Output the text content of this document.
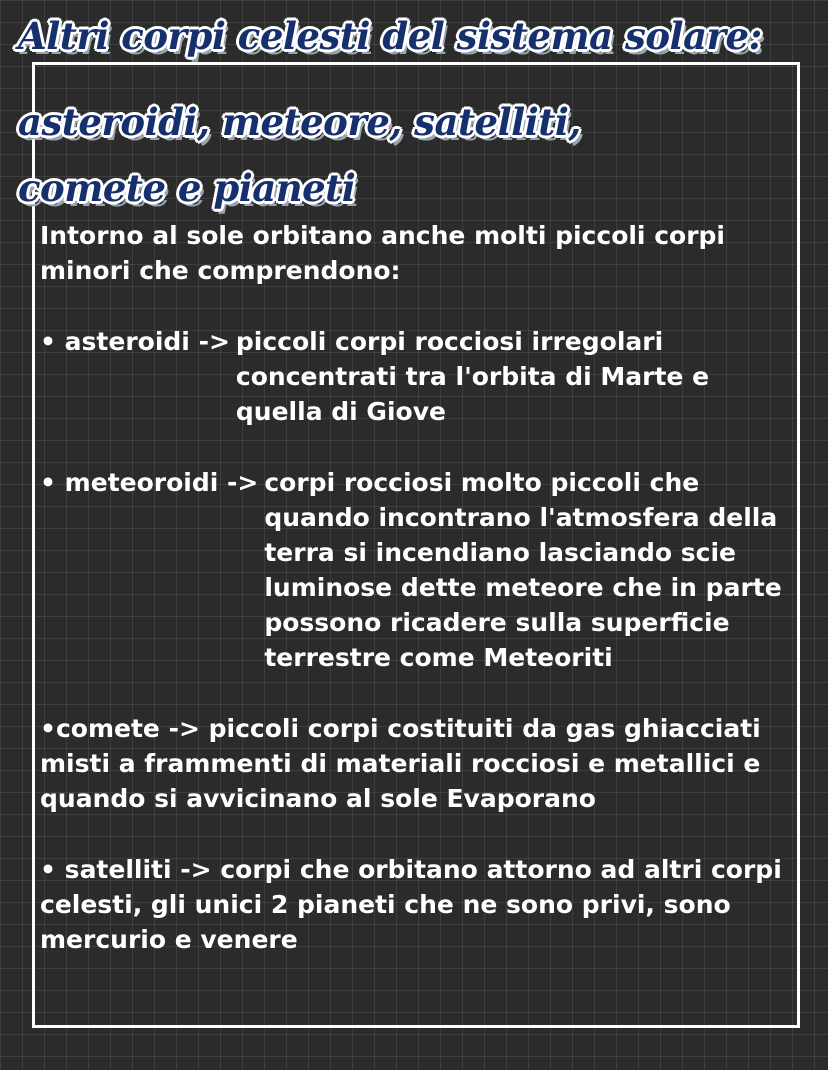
Altri corpi celesti del sistema solare:
asteroidi, meteore, satelliti,
comete e pianeti

Intorno al sole orbitano anche molti piccoli corpi minori che comprendono:

• asteroidi -> piccoli corpi rocciosi irregolari concentrati tra l'orbita di Marte e quella di Giove
• meteoroidi -> corpi rocciosi molto piccoli che quando incontrano l'atmosfera della terra si incendiano lasciando scie luminose dette meteore che in parte possono ricadere sulla superficie terrestre come Meteoriti

•comete -> piccoli corpi costituiti da gas ghiacciati misti a frammenti di materiali rocciosi e metallici e quando si avvicinano al sole Evaporano

• satelliti -> corpi che orbitano attorno ad altri corpi celesti, gli unici 2 pianeti che ne sono privi, sono mercurio e venere
